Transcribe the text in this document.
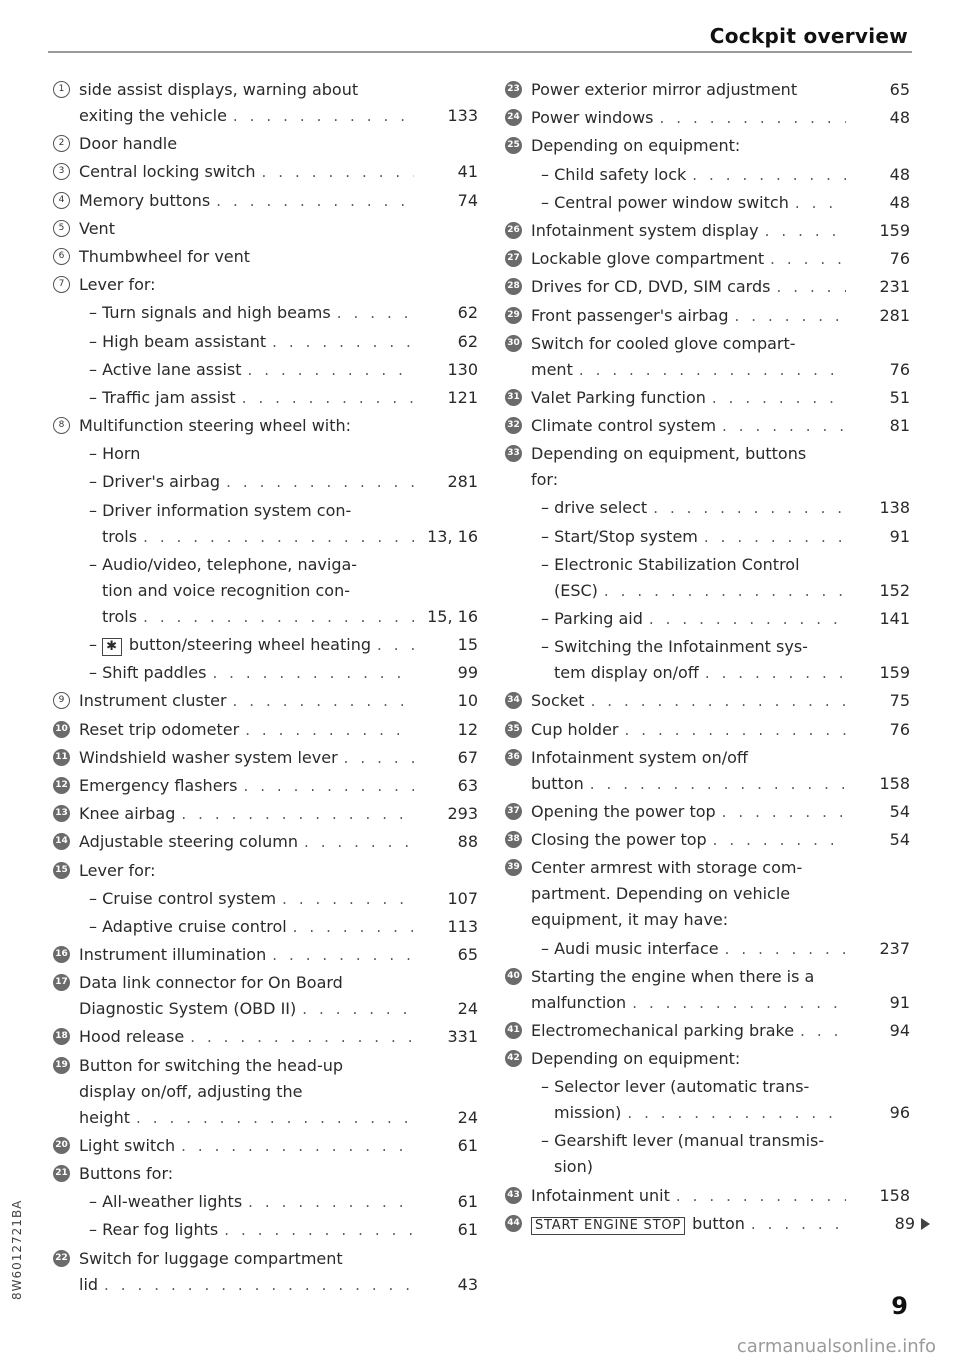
Cockpit overview
1 side assist displays, warning about
exiting the vehicle . . .	133
2 Door handle
3 Central locking switch . . .	41
4 Memory buttons . . .	74
5 Vent
6 Thumbwheel for vent
7 Lever for:
– Turn signals and high beams . . .	62
– High beam assistant . . .	62
– Active lane assist . . .	130
– Traffic jam assist . . .	121
8 Multifunction steering wheel with:
– Horn
– Driver's airbag . . .	281
– Driver information system con-
trols . . .	13, 16
– Audio/video, telephone, naviga-
tion and voice recognition con-
trols . . .	15, 16
– ✱ button/steering wheel heating . . .	15
– Shift paddles . . .	99
9 Instrument cluster . . .	10
10 Reset trip odometer . . .	12
11 Windshield washer system lever . . .	67
12 Emergency flashers . . .	63
13 Knee airbag . . .	293
14 Adjustable steering column . . .	88
15 Lever for:
– Cruise control system . . .	107
– Adaptive cruise control . . .	113
16 Instrument illumination . . .	65
17 Data link connector for On Board
Diagnostic System (OBD II) . . .	24
18 Hood release . . .	331
19 Button for switching the head-up
display on/off, adjusting the
height . . .	24
20 Light switch . . .	61
21 Buttons for:
– All-weather lights . . .	61
– Rear fog lights . . .	61
22 Switch for luggage compartment
lid . . .	43
23 Power exterior mirror adjustment	65
24 Power windows . . .	48
25 Depending on equipment:
– Child safety lock . . .	48
– Central power window switch . . .	48
26 Infotainment system display . . .	159
27 Lockable glove compartment . . .	76
28 Drives for CD, DVD, SIM cards . . .	231
29 Front passenger's airbag . . .	281
30 Switch for cooled glove compart-
ment . . .	76
31 Valet Parking function . . .	51
32 Climate control system . . .	81
33 Depending on equipment, buttons
for:
– drive select . . .	138
– Start/Stop system . . .	91
– Electronic Stabilization Control
(ESC) . . .	152
– Parking aid . . .	141
– Switching the Infotainment sys-
tem display on/off . . .	159
34 Socket . . .	75
35 Cup holder . . .	76
36 Infotainment system on/off
button . . .	158
37 Opening the power top . . .	54
38 Closing the power top . . .	54
39 Center armrest with storage com-
partment. Depending on vehicle
equipment, it may have:
– Audi music interface . . .	237
40 Starting the engine when there is a
malfunction . . .	91
41 Electromechanical parking brake . . .	94
42 Depending on equipment:
– Selector lever (automatic trans-
mission) . . .	96
– Gearshift lever (manual transmis-
sion)
43 Infotainment unit . . .	158
44	START ENGINE STOP button . . .	89
8W6012721BA
9
carmanualsonline.info
